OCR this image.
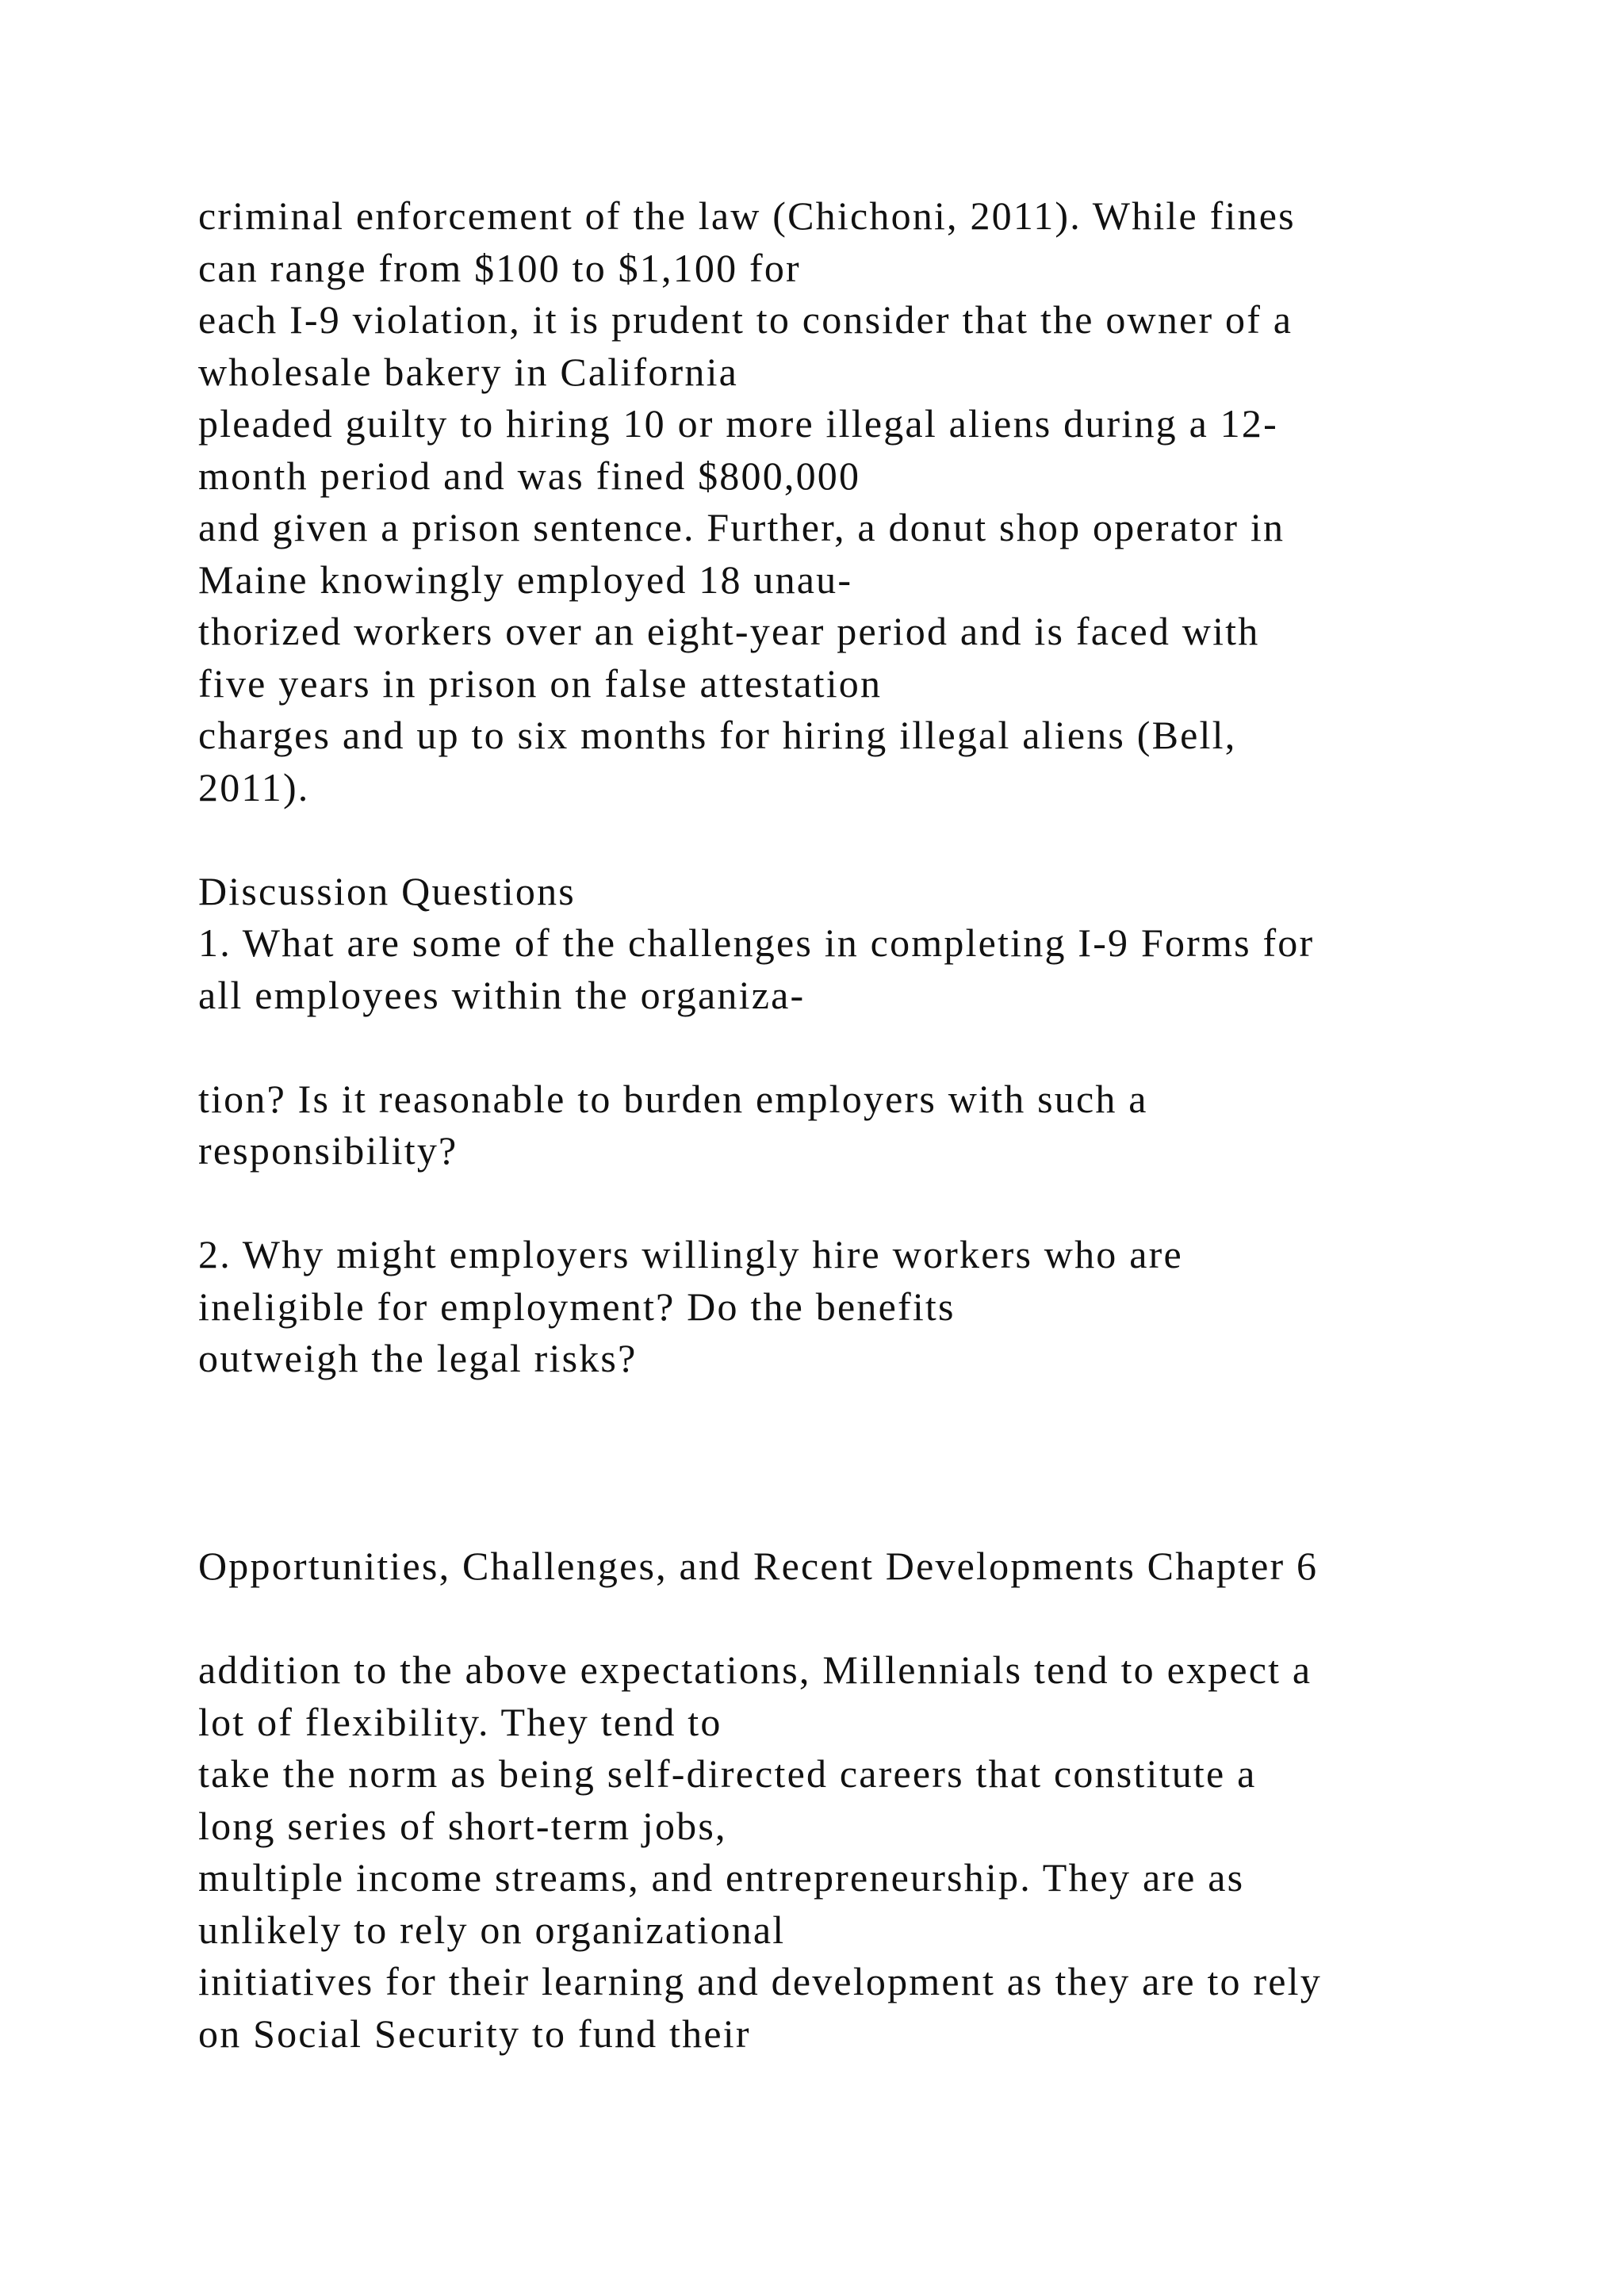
criminal enforcement of the law (Chichoni, 2011). While fines
can range from $100 to $1,100 for
each I-9 violation, it is prudent to consider that the owner of a
wholesale bakery in California
pleaded guilty to hiring 10 or more illegal aliens during a 12-
month period and was fined $800,000
and given a prison sentence. Further, a donut shop operator in
Maine knowingly employed 18 unau-
thorized workers over an eight-year period and is faced with
five years in prison on false attestation
charges and up to six months for hiring illegal aliens (Bell,
2011).
Discussion Questions
1. What are some of the challenges in completing I-9 Forms for
all employees within the organiza-
tion? Is it reasonable to burden employers with such a
responsibility?
2. Why might employers willingly hire workers who are
ineligible for employment? Do the benefits
outweigh the legal risks?
Opportunities, Challenges, and Recent Developments Chapter 6
addition to the above expectations, Millennials tend to expect a
lot of flexibility. They tend to
take the norm as being self-directed careers that constitute a
long series of short-term jobs,
multiple income streams, and entrepreneurship. They are as
unlikely to rely on organizational
initiatives for their learning and development as they are to rely
on Social Security to fund their
